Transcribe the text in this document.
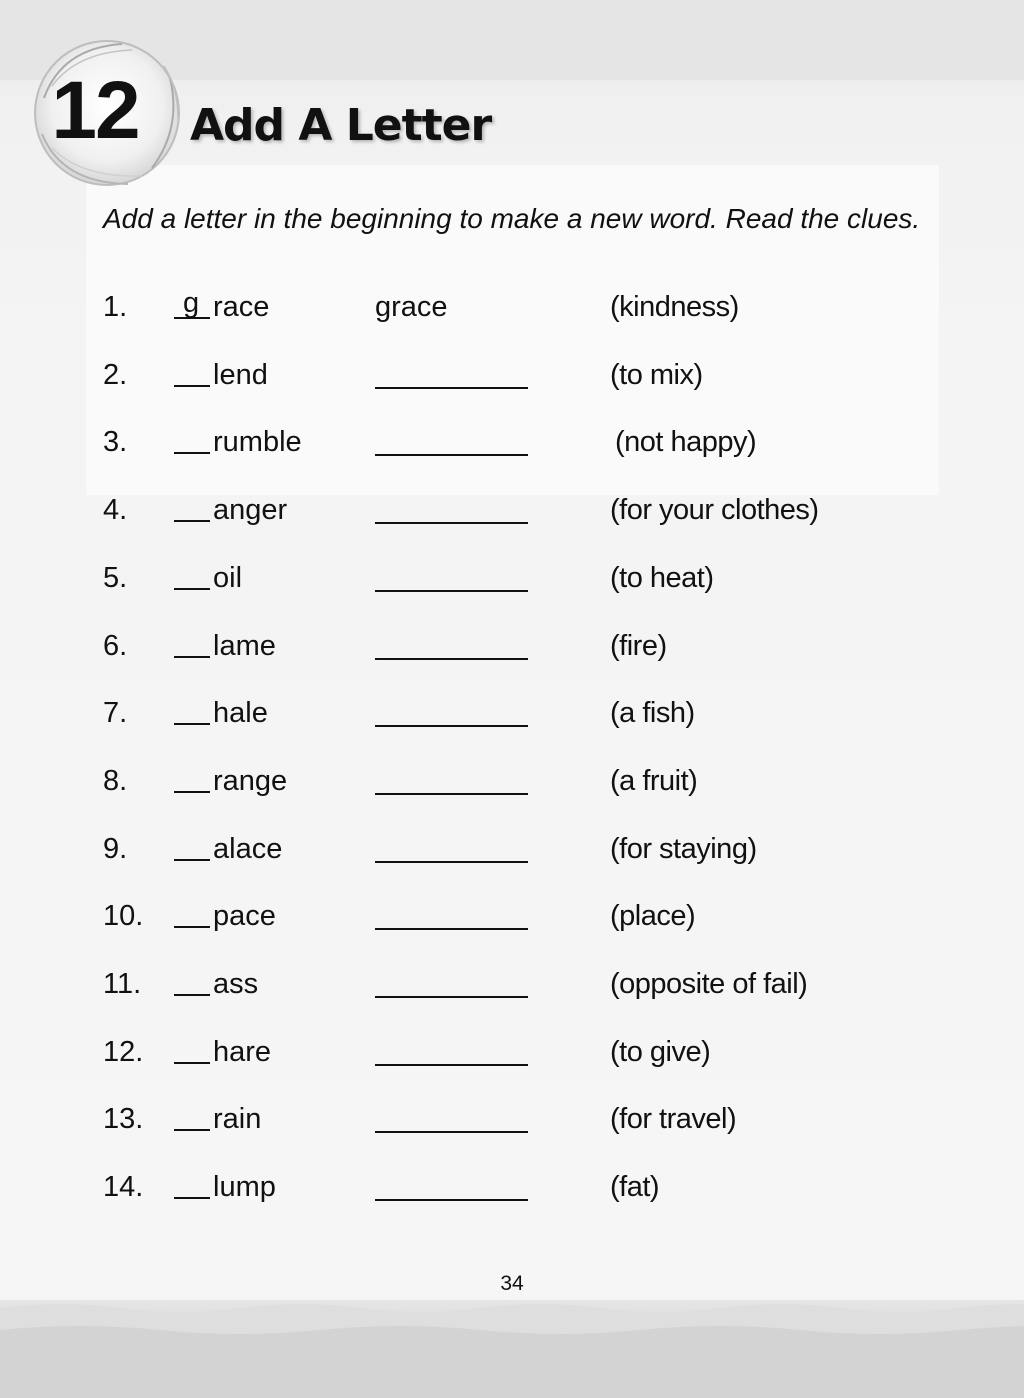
12	Add A Letter
Add a letter in the beginning to make a new word. Read the clues.
1. g race	grace	(kindness)
2.	lend	(to mix)
3.	rumble	(not happy)
4.	anger	(for your clothes)
5.	oil	(to heat)
6.	lame	(fire)
7.	hale	(a fish)
8.	range	(a fruit)
9.	alace	(for staying)
10. pace	(place)
11. ass	(opposite of fail)
12. hare	(to give)
13. rain	(for travel)
14. lump	(fat)
34
